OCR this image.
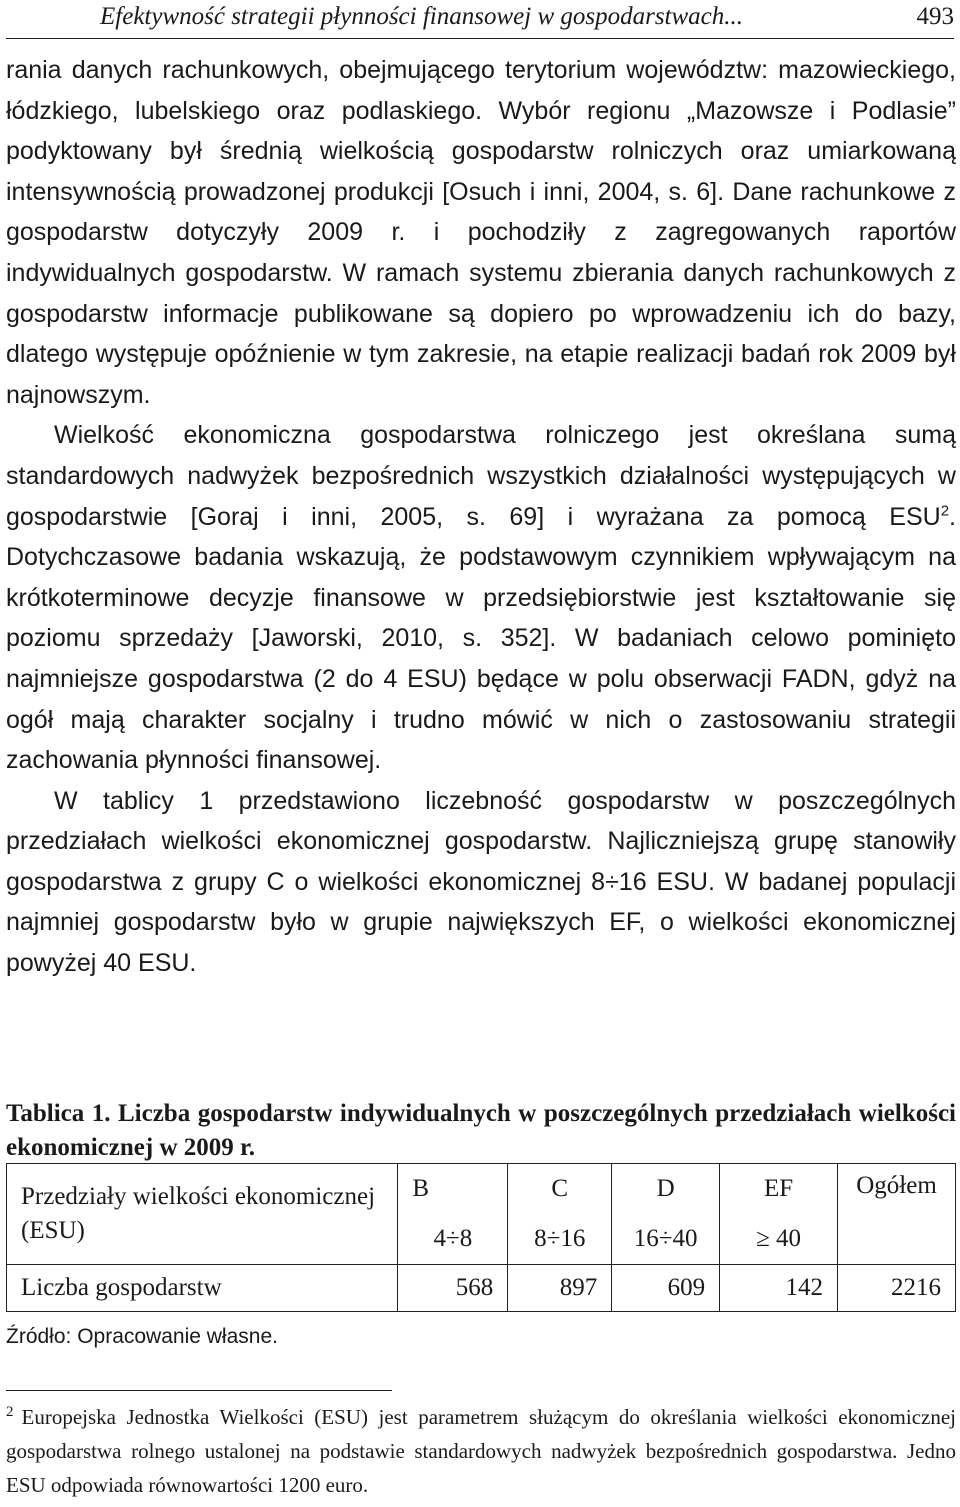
Efektywność strategii płynności finansowej w gospodarstwach...	493

rania danych rachunkowych, obejmującego terytorium województw: mazowieckiego, łódzkiego, lubelskiego oraz podlaskiego. Wybór regionu „Mazowsze i Podlasie” podyktowany był średnią wielkością gospodarstw rolniczych oraz umiarkowaną intensywnością prowadzonej produkcji [Osuch i inni, 2004, s. 6]. Dane rachunkowe z gospodarstw dotyczyły 2009 r. i pochodziły z zagregowanych raportów indywidualnych gospodarstw. W ramach systemu zbierania danych rachunkowych z gospodarstw informacje publikowane są dopiero po wprowadzeniu ich do bazy, dlatego występuje opóźnienie w tym zakresie, na etapie realizacji badań rok 2009 był najnowszym.

Wielkość ekonomiczna gospodarstwa rolniczego jest określana sumą standardowych nadwyżek bezpośrednich wszystkich działalności występujących w gospodarstwie [Goraj i inni, 2005, s. 69] i wyrażana za pomocą ESU$^2$. Dotychczasowe badania wskazują, że podstawowym czynnikiem wpływającym na krótkoterminowe decyzje finansowe w przedsiębiorstwie jest kształtowanie się poziomu sprzedaży [Jaworski, 2010, s. 352]. W badaniach celowo pominięto najmniejsze gospodarstwa (2 do 4 ESU) będące w polu obserwacji FADN, gdyż na ogół mają charakter socjalny i trudno mówić w nich o zastosowaniu strategii zachowania płynności finansowej.

W tablicy 1 przedstawiono liczebność gospodarstw w poszczególnych przedziałach wielkości ekonomicznej gospodarstw. Najliczniejszą grupę stanowiły gospodarstwa z grupy C o wielkości ekonomicznej 8÷16 ESU. W badanej populacji najmniej gospodarstw było w grupie największych EF, o wielkości ekonomicznej powyżej 40 ESU.

Tablica 1. Liczba gospodarstw indywidualnych w poszczególnych przedziałach wielkości ekonomicznej w 2009 r.
Przedziały wielkości ekonomicznej (ESU)	B	C	D	EF	Ogółem
	4÷8	8÷16	16÷40	≥ 40	
Liczba gospodarstw	568	897	609	142	2216
Źródło: Opracowanie własne.
$^2$ Europejska Jednostka Wielkości (ESU) jest parametrem służącym do określania wielkości ekonomicznej gospodarstwa rolnego ustalonej na podstawie standardowych nadwyżek bezpośrednich gospodarstwa. Jedno ESU odpowiada równowartości 1200 euro.
